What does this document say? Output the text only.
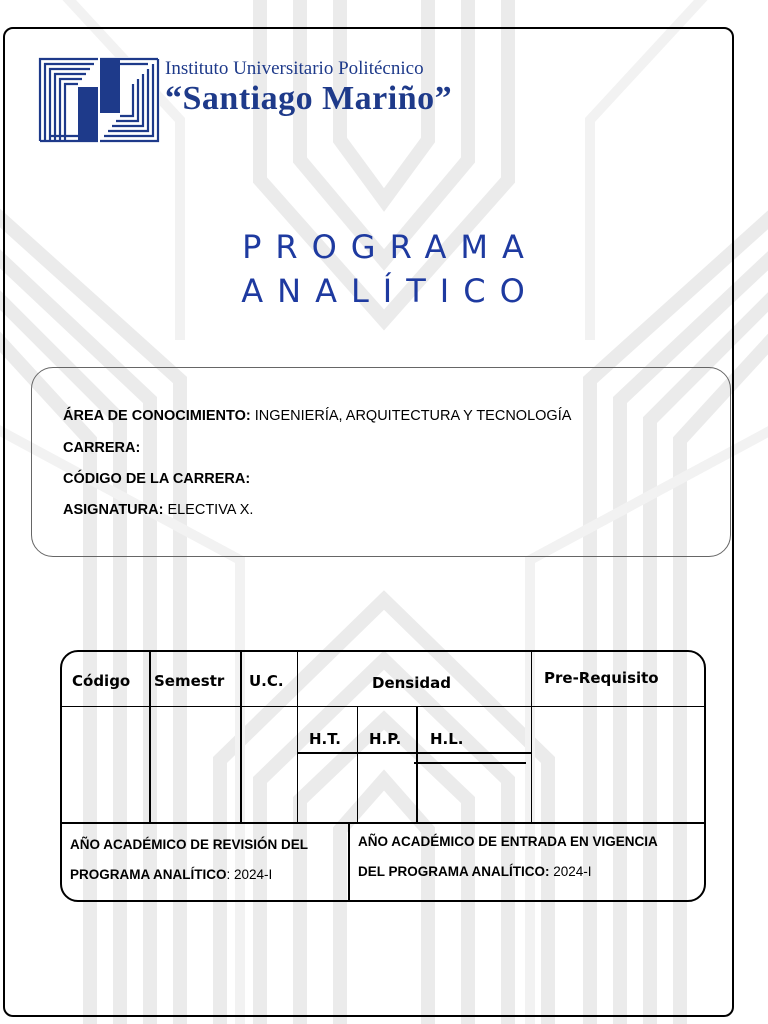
Instituto Universitario Politécnico
“Santiago Mariño”
PROGRAMA
ANALÍTICO
ÁREA DE CONOCIMIENTO: INGENIERÍA, ARQUITECTURA Y TECNOLOGÍA
CARRERA:
CÓDIGO DE LA CARRERA:
ASIGNATURA: ELECTIVA X.
Código Semestr U.C.	Densidad	Pre-Requisito
H.T. H.P. H.L.
AÑO ACADÉMICO DE REVISIÓN DEL
PROGRAMA ANALÍTICO: 2024-I
AÑO ACADÉMICO DE ENTRADA EN VIGENCIA
DEL PROGRAMA ANALÍTICO: 2024-I
